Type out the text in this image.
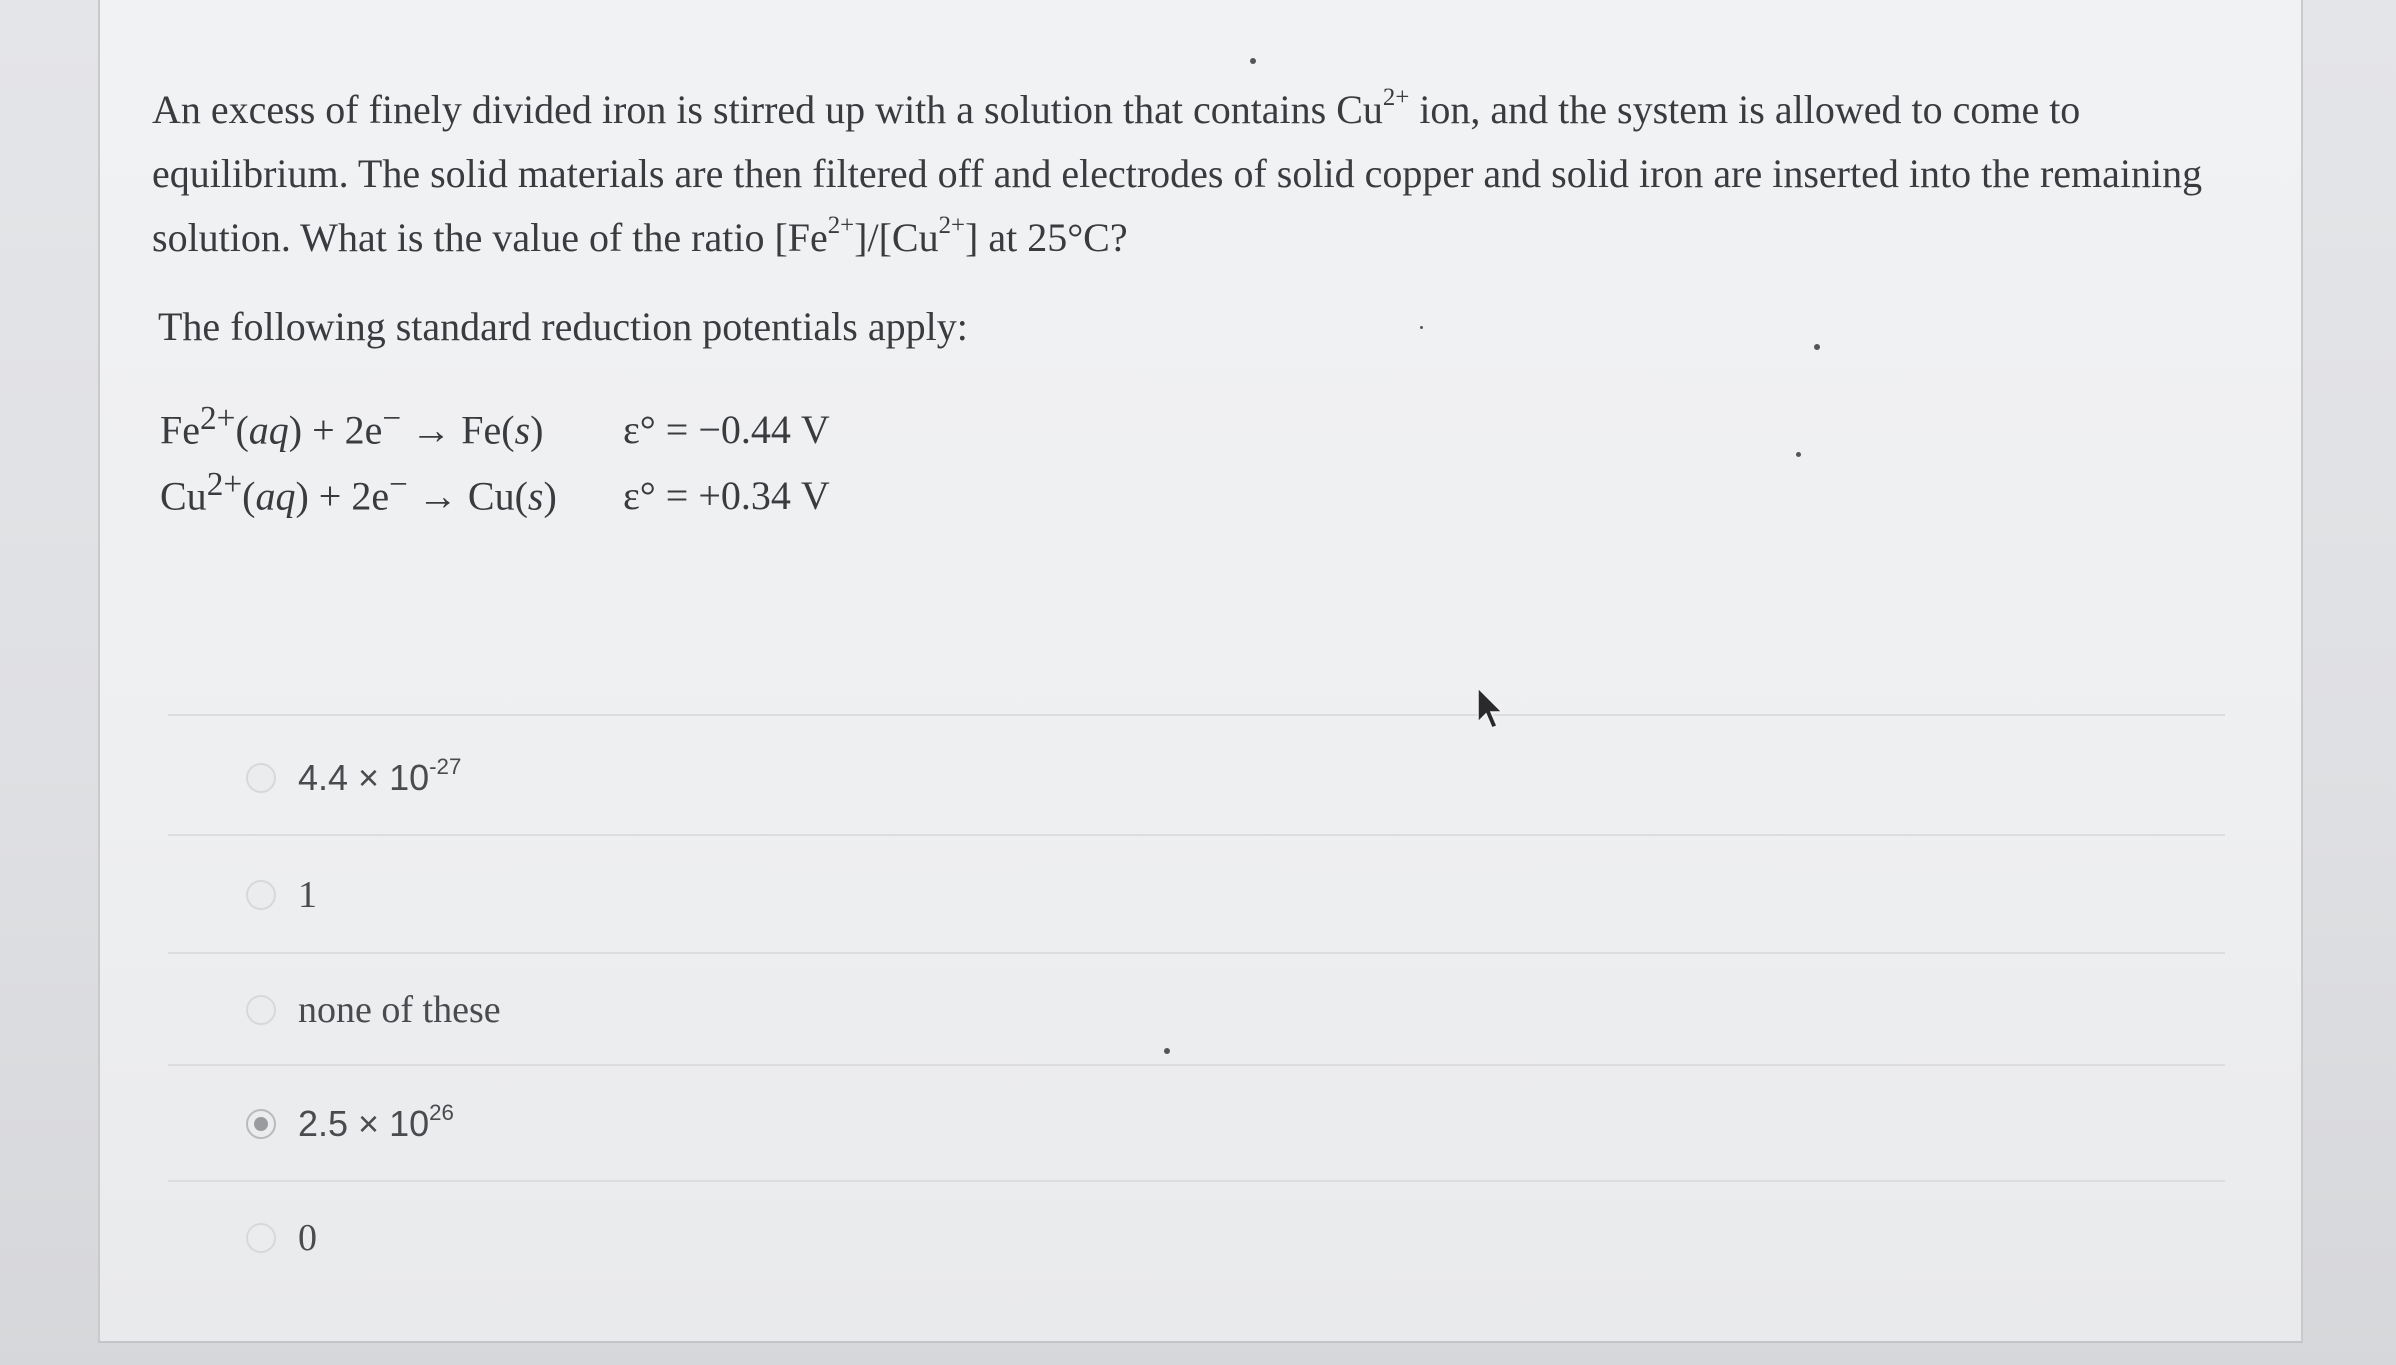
An excess of finely divided iron is stirred up with a solution that contains $Cu^{2+}$ ion, and the system is allowed to come to equilibrium. The solid materials are then filtered off and electrodes of solid copper and solid iron are inserted into the remaining solution. What is the value of the ratio $[Fe^{2+}]/[Cu^{2+}]$ at 25°C?

The following standard reduction potentials apply:

$Fe^{2+}(aq) + 2e^- \to Fe(s) \varepsilon^\circ = -0.44$ V
$Cu^{2+}(aq) + 2e^- \to Cu(s) \varepsilon^\circ = +0.34$ V
$4.4 \times 10^{-27}$
1
none of these
$2.5 \times 10^{26}$
0
